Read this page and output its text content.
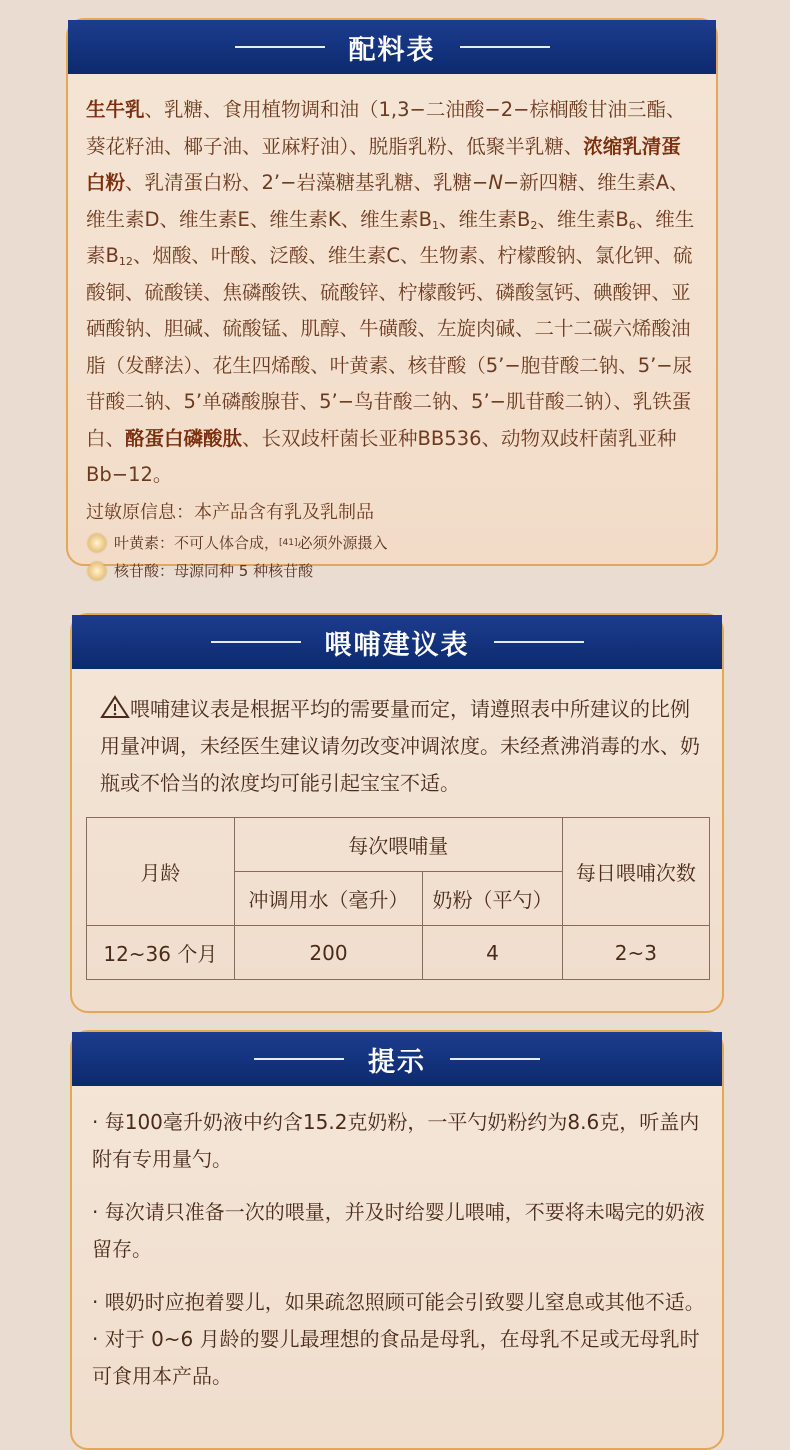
配料表
生牛乳、乳糖、食用植物调和油（1,3−二油酸−2−棕榈酸甘油三酯、葵花籽油、椰子油、亚麻籽油）、脱脂乳粉、低聚半乳糖、浓缩乳清蛋白粉、乳清蛋白粉、2’−岩藻糖基乳糖、乳糖−N−新四糖、维生素A、维生素D、维生素E、维生素K、维生素$B_1$、维生素$B_2$、维生素$B_6$、维生素$B_{12}$、烟酸、叶酸、泛酸、维生素C、生物素、柠檬酸钠、氯化钾、硫酸铜、硫酸镁、焦磷酸铁、硫酸锌、柠檬酸钙、磷酸氢钙、碘酸钾、亚硒酸钠、胆碱、硫酸锰、肌醇、牛磺酸、左旋肉碱、二十二碳六烯酸油脂（发酵法）、花生四烯酸、叶黄素、核苷酸（5’−胞苷酸二钠、5’−尿苷酸二钠、5’单磷酸腺苷、5’−鸟苷酸二钠、5’−肌苷酸二钠）、乳铁蛋白、酪蛋白磷酸肽、长双歧杆菌长亚种BB536、动物双歧杆菌乳亚种Bb−12。
过敏原信息：本产品含有乳及乳制品
叶黄素：不可人体合成， [41] 必须外源摄入
核苷酸：母源同种 5 种核苷酸
喂哺建议表
喂哺建议表是根据平均的需要量而定，请遵照表中所建议的比例用量冲调，未经医生建议请勿改变冲调浓度。未经煮沸消毒的水、奶瓶或不恰当的浓度均可能引起宝宝不适。
月龄	每次喂哺量		每日喂哺次数
	冲调用水（毫升）	奶粉（平勺）	
12~36 个月	200	4	2~3
提示

· 每100毫升奶液中约含15.2克奶粉，一平勺奶粉约为8.6克，听盖内附有专用量勺。

· 每次请只准备一次的喂量，并及时给婴儿喂哺，不要将未喝完的奶液留存。

· 喂奶时应抱着婴儿，如果疏忽照顾可能会引致婴儿窒息或其他不适。

· 对于 0~6 月龄的婴儿最理想的食品是母乳，在母乳不足或无母乳时可食用本产品。
